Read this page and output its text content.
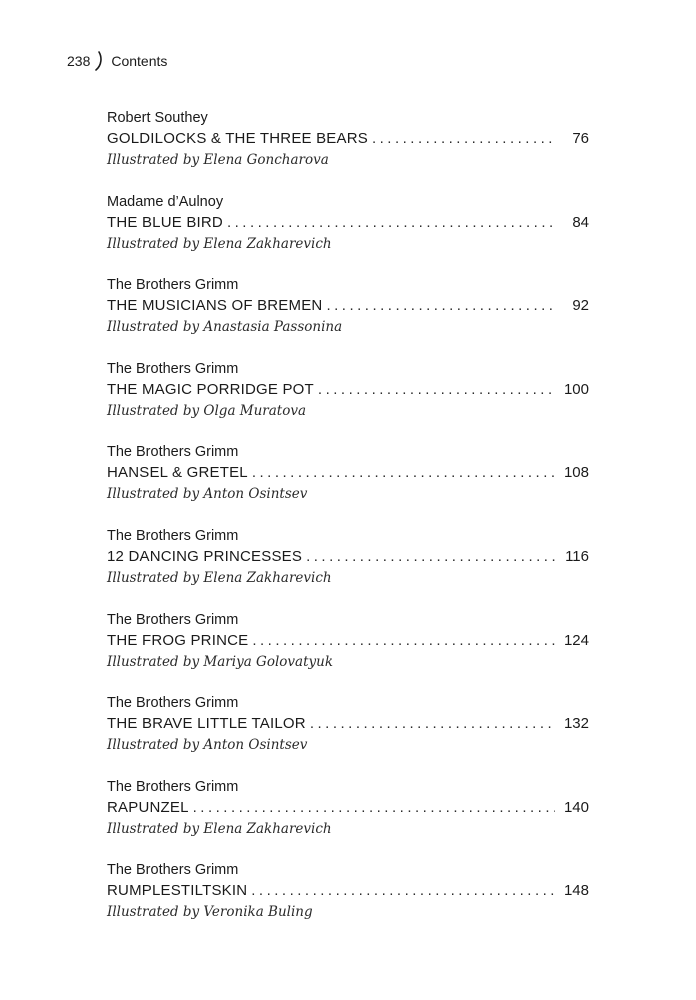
238 Contents
Robert Southey
GOLDILOCKS & THE THREE BEARS .....	76
Illustrated by Elena Goncharova
Madame d’Aulnoy
THE BLUE BIRD .....	84
Illustrated by Elena Zakharevich
The Brothers Grimm
THE MUSICIANS OF BREMEN .....	92
Illustrated by Anastasia Passonina
The Brothers Grimm
THE MAGIC PORRIDGE POT .....	100
Illustrated by Olga Muratova
The Brothers Grimm
HANSEL & GRETEL .....	108
Illustrated by Anton Osintsev
The Brothers Grimm
12 DANCING PRINCESSES .....	116
Illustrated by Elena Zakharevich
The Brothers Grimm
THE FROG PRINCE .....	124
Illustrated by Mariya Golovatyuk
The Brothers Grimm
THE BRAVE LITTLE TAILOR .....	132
Illustrated by Anton Osintsev
The Brothers Grimm
RAPUNZEL .....	140
Illustrated by Elena Zakharevich
The Brothers Grimm
RUMPLESTILTSKIN .....	148
Illustrated by Veronika Buling
